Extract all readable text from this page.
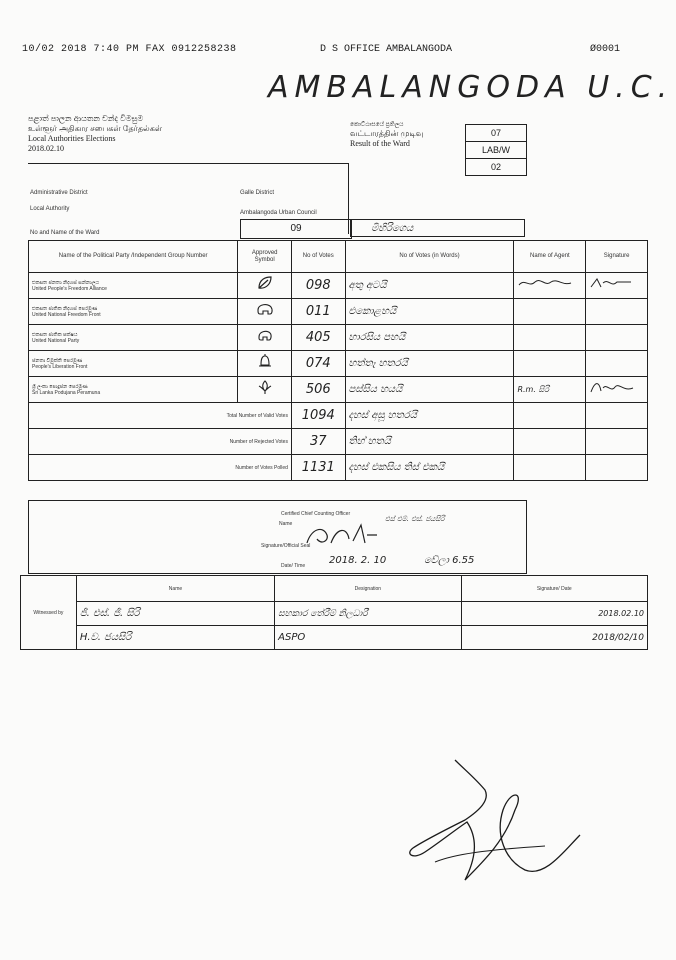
10/02 2018 7:40 PM FAX 0912258238	D S OFFICE AMBALANGODA	Ø0001
AMBALANGODA U.C.
පළාත් පාලන ආයතන චන්ද විමසුම
உள்ளூர் அதிகார சபைகள் தேர்தல்கள்
Local Authorities Elections
2018.02.10
කොට්ඨාසයේ ප්‍රතිලය
வட்டாரத்தின் முடிவு
Result of the Ward
07
LAB/W
02
Administrative District	Galle District
Local Authority
Ambalangoda Urban Council
No and Name of the Ward	09	මිහිරිගෙය
Name of the Political Party /Independent Group Number	Approved Symbol	No of Votes	No of Votes (in Words)	Name of Agent	Signature

එකසත ජනතා නිදහස් සන්නාලය
United People's Freedom Alliance		098	අතු අටයි		

එකසත ජාතික නිදහස් පෙරමුණ
United National Freedom Front		011	එකොළහයි		

එකසත ජාතික පක්ෂය
United National Party		405	හාරසිය පහයි		

ජනතා විමුක්ති පෙරමුණ
People's Liberation Front		074	හත්තෑ හතරයි		

ශ්‍රී ලංකා පොදුජන පෙරමුණ
Sri Lanka Podujana Peramuna		506	පස්සිය හයයි	R.m. සිරි	
Total Number of Valid Votes		1094	දහස් අසූ හතරයි		
Number of Rejected Votes		37	තිහ් හතයි		
Number of Votes Polled		1131	දහස් එකසිය තිස් එකයි		
Certified Chief Counting Officer
Name
Signature/Official Seal
Date/ Time
එස් එම්. එස්. ජයසිරි
2018. 2. 10	වේලා 6.55
Witnessed by	Name	Designation	Signature/ Date
	ජි. එස්. ජි. සිරි	සහකාර තේරීම් නිලධාරී	2018.02.10
	H.ව. ජයසිරි	ASPO	2018/02/10
